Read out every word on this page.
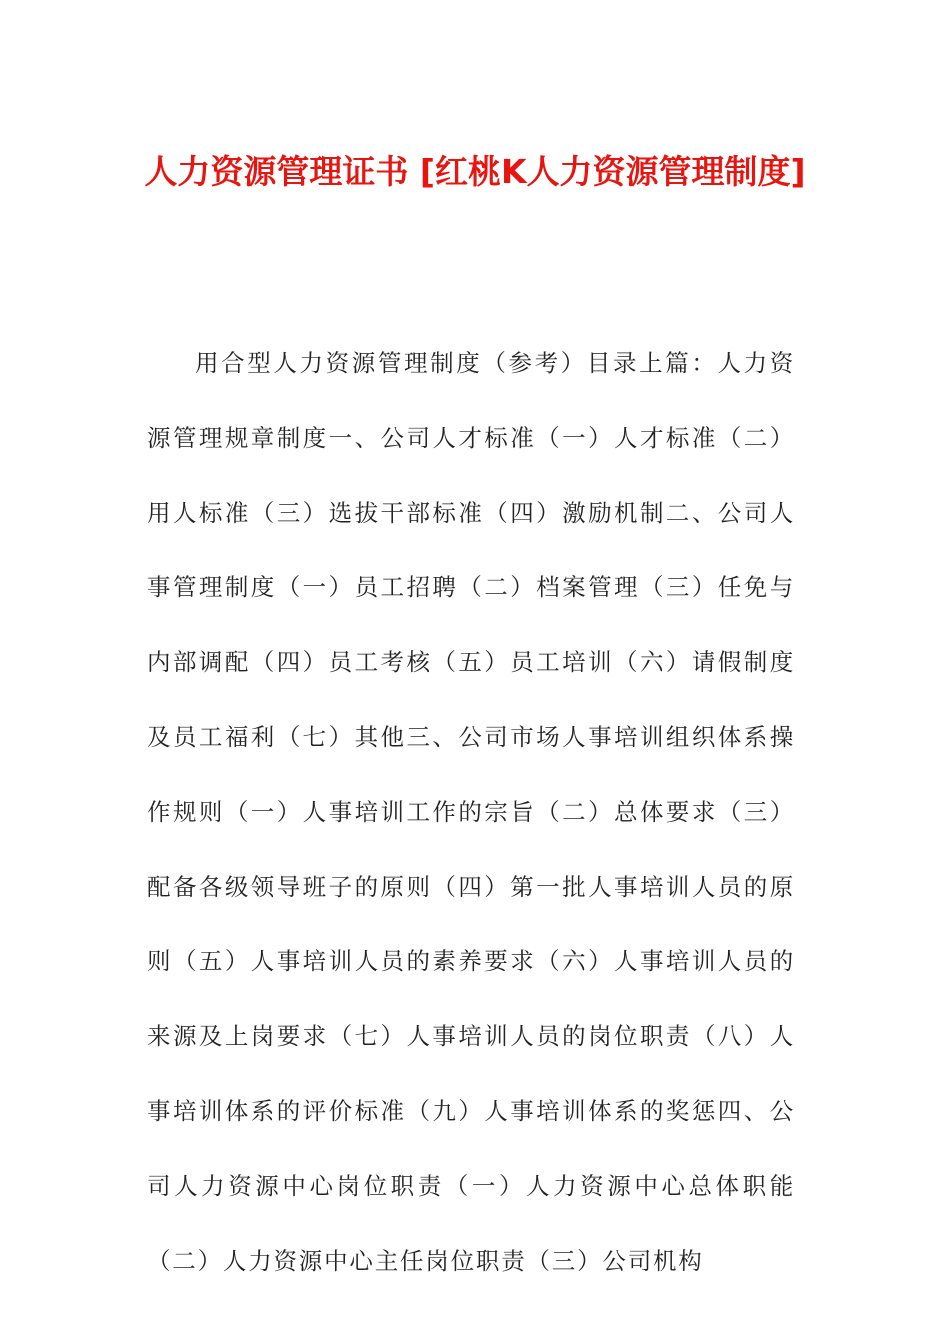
人力资源管理证书 [红桃K人力资源管理制度]

用合型人力资源管理制度（参考）目录上篇：人力资源管理规章制度一、公司人才标准（一）人才标准（二）用人标准（三）选拔干部标准（四）激励机制二、公司人事管理制度（一）员工招聘（二）档案管理（三）任免与内部调配（四）员工考核（五）员工培训（六）请假制度及员工福利（七）其他三、公司市场人事培训组织体系操作规则（一）人事培训工作的宗旨（二）总体要求（三）配备各级领导班子的原则（四）第一批人事培训人员的原则（五）人事培训人员的素养要求（六）人事培训人员的来源及上岗要求（七）人事培训人员的岗位职责（八）人事培训体系的评价标准（九）人事培训体系的奖惩四、公司人力资源中心岗位职责（一）人力资源中心总体职能（二）人力资源中心主任岗位职责（三）公司机构
